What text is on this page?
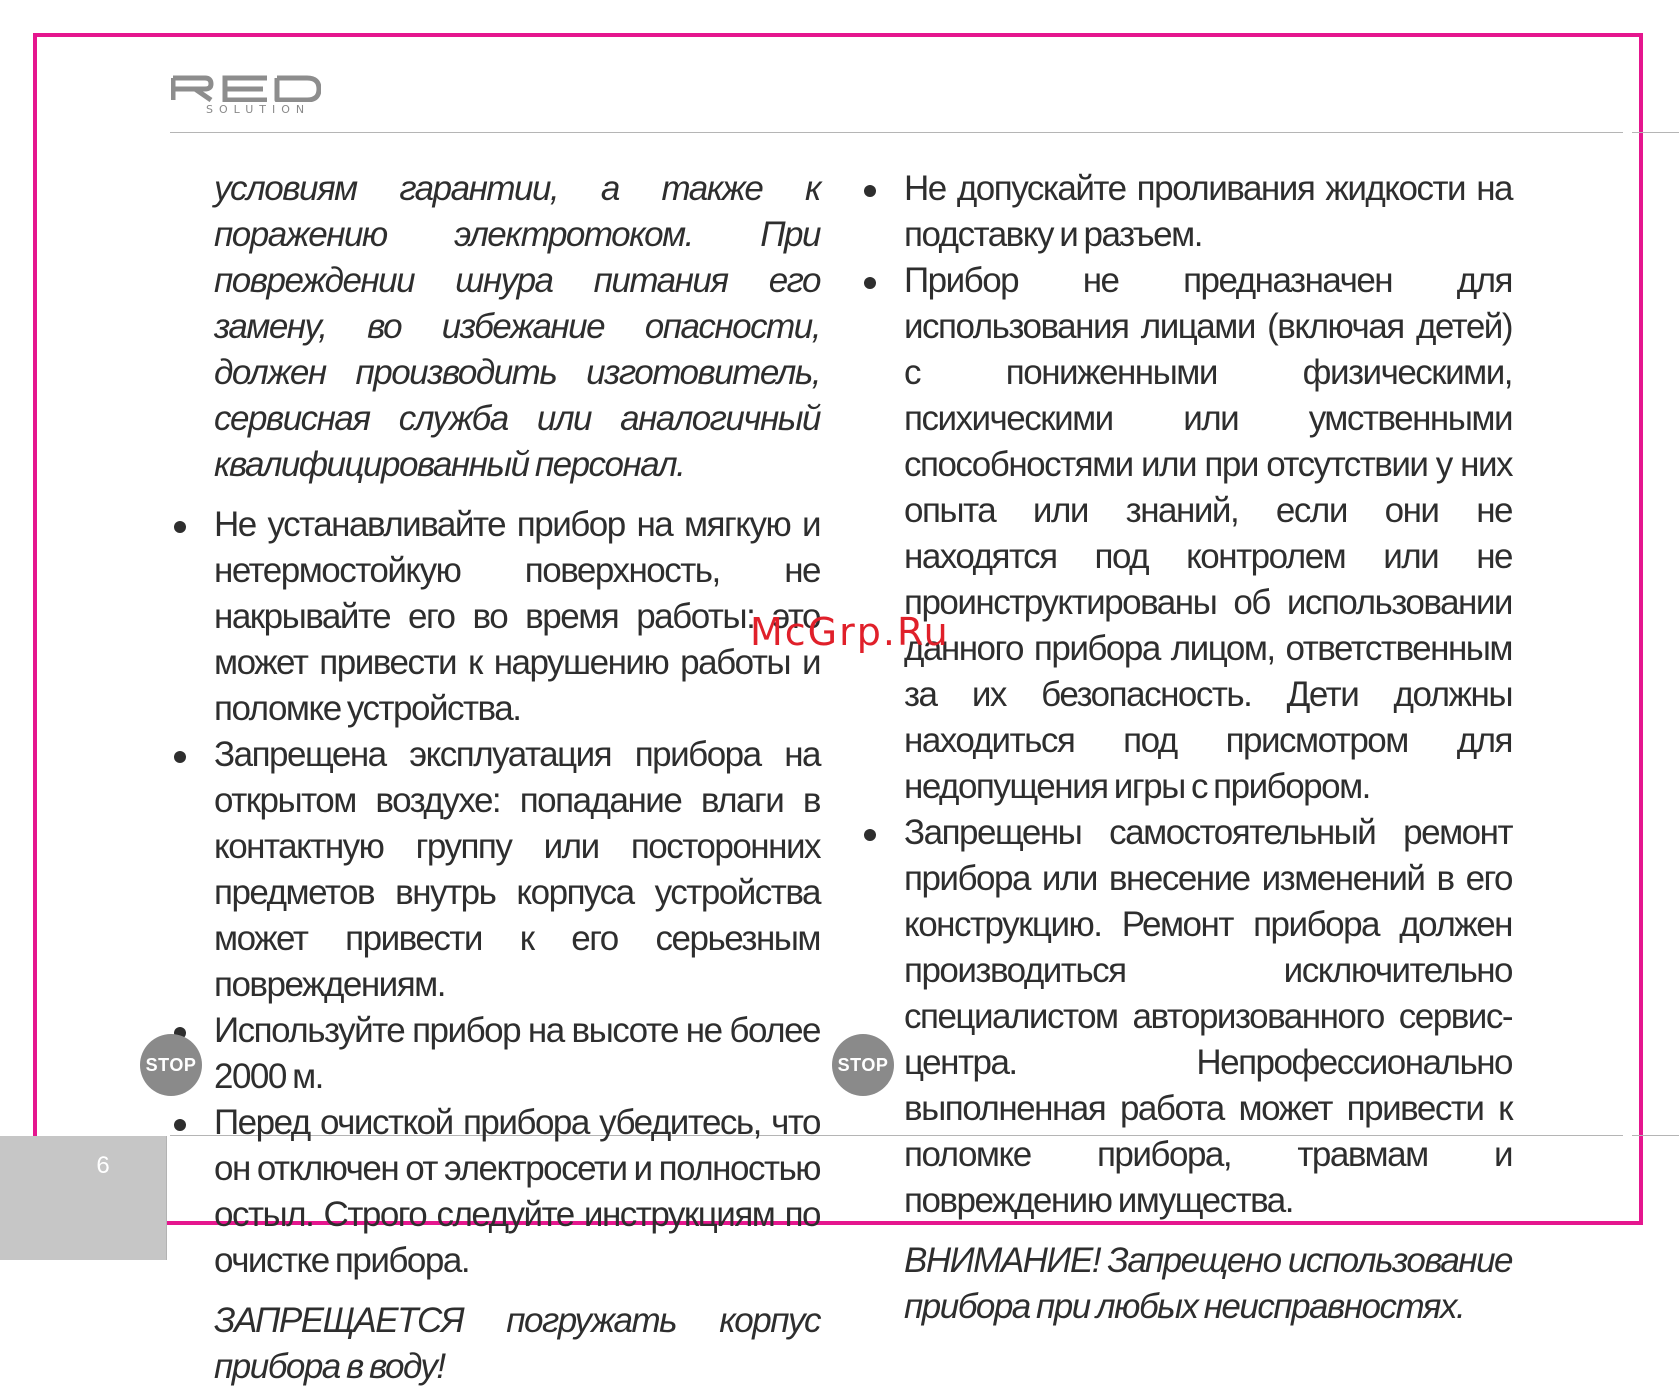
SOLUTION

условиям гарантии, а также к поражению электротоком. При повреждении шнура питания его замену, во избежание опасности, должен производить изготовитель, сервисная служба или аналогичный квалифицированный персонал.

Не устанавливайте прибор на мягкую и нетермостойкую поверхность, не накрывайте его во время работы: это может привести к нарушению работы и поломке устройства.

Запрещена эксплуатация прибора на открытом воздухе: попадание влаги в контактную группу или посторонних предметов внутрь корпуса устройства может привести к его серьезным повреждениям.

Используйте прибор на высоте не более 2000 м.

Перед очисткой прибора убедитесь, что он отключен от электросети и полностью остыл. Строго следуйте инструкциям по очистке прибора.

ЗАПРЕЩАЕТСЯ погружать корпус прибора в воду!

Не допускайте проливания жидкости на подставку и разъем.

Прибор не предназначен для использования лицами (включая детей) с пониженными физическими, психическими или умственными способностями или при отсутствии у них опыта или знаний, если они не находятся под контролем или не проинструктированы об использовании данного прибора лицом, ответственным за их безопасность. Дети должны находиться под присмотром для недопущения игры с прибором.

Запрещены самостоятельный ремонт прибора или внесение изменений в его конструкцию. Ремонт прибора должен производиться исключительно специалистом авторизованного сервис-центра. Непрофессионально выполненная работа может привести к поломке прибора, травмам и повреждению имущества.

ВНИМАНИЕ! Запрещено использование прибора при любых неисправностях.

STOP	STOP
McGrp.Ru
6
